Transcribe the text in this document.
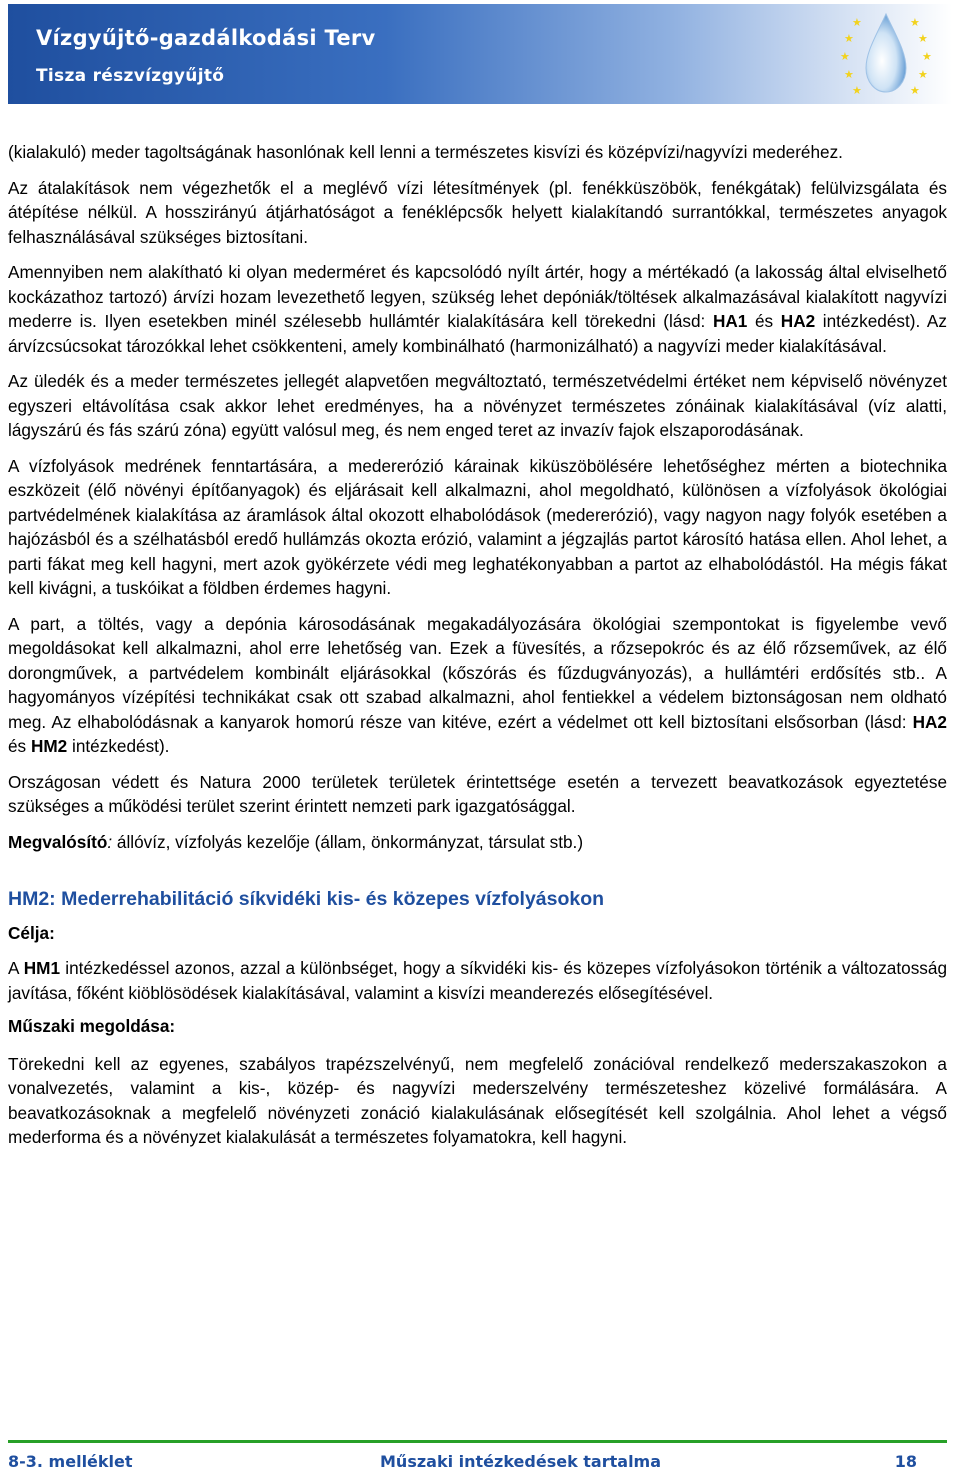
Vízgyűjtő-gazdálkodási Terv
Tisza részvízgyűjtő
★
★
★
★
★
★
★
★
★
★

(kialakuló) meder tagoltságának hasonlónak kell lenni a természetes kisvízi és középvízi/nagyvízi mederéhez.

Az átalakítások nem végezhetők el a meglévő vízi létesítmények (pl. fenékküszöbök, fenékgátak) felülvizsgálata és átépítése nélkül. A hosszirányú átjárhatóságot a fenéklépcsők helyett kialakítandó surrantókkal, természetes anyagok felhasználásával szükséges biztosítani.

Amennyiben nem alakítható ki olyan mederméret és kapcsolódó nyílt ártér, hogy a mértékadó (a lakosság által elviselhető kockázathoz tartozó) árvízi hozam levezethető legyen, szükség lehet depóniák/töltések alkalmazásával kialakított nagyvízi mederre is. Ilyen esetekben minél szélesebb hullámtér kialakítására kell törekedni (lásd: HA1 és HA2 intézkedést). Az árvízcsúcsokat tározókkal lehet csökkenteni, amely kombinálható (harmonizálható) a nagyvízi meder kialakításával.

Az üledék és a meder természetes jellegét alapvetően megváltoztató, természetvédelmi értéket nem képviselő növényzet egyszeri eltávolítása csak akkor lehet eredményes, ha a növényzet természetes zónáinak kialakításával (víz alatti, lágyszárú és fás szárú zóna) együtt valósul meg, és nem enged teret az invazív fajok elszaporodásának.

A vízfolyások medrének fenntartására, a medererózió kárainak kiküszöbölésére lehetőséghez mérten a biotechnika eszközeit (élő növényi építőanyagok) és eljárásait kell alkalmazni, ahol megoldható, különösen a vízfolyások ökológiai partvédelmének kialakítása az áramlások által okozott elhabolódások (medererózió), vagy nagyon nagy folyók esetében a hajózásból és a szélhatásból eredő hullámzás okozta erózió, valamint a jégzajlás partot károsító hatása ellen. Ahol lehet, a parti fákat meg kell hagyni, mert azok gyökérzete védi meg leghatékonyabban a partot az elhabolódástól. Ha mégis fákat kell kivágni, a tuskóikat a földben érdemes hagyni.

A part, a töltés, vagy a depónia károsodásának megakadályozására ökológiai szempontokat is figyelembe vevő megoldásokat kell alkalmazni, ahol erre lehetőség van. Ezek a füvesítés, a rőzsepokróc és az élő rőzseművek, az élő dorongművek, a partvédelem kombinált eljárásokkal (kőszórás és fűzdugványozás), a hullámtéri erdősítés stb.. A hagyományos vízépítési technikákat csak ott szabad alkalmazni, ahol fentiekkel a védelem biztonságosan nem oldható meg. Az elhabolódásnak a kanyarok homorú része van kitéve, ezért a védelmet ott kell biztosítani elsősorban (lásd: HA2 és HM2 intézkedést).

Országosan védett és Natura 2000 területek területek érintettsége esetén a tervezett beavatkozások egyeztetése szükséges a működési terület szerint érintett nemzeti park igazgatósággal.

Megvalósító: állóvíz, vízfolyás kezelője (állam, önkormányzat, társulat stb.)

HM2: Mederrehabilitáció síkvidéki kis- és közepes vízfolyásokon

Célja:

A HM1 intézkedéssel azonos, azzal a különbséget, hogy a síkvidéki kis- és közepes vízfolyásokon történik a változatosság javítása, főként kiöblösödések kialakításával, valamint a kisvízi meanderezés elősegítésével.

Műszaki megoldása:

Törekedni kell az egyenes, szabályos trapézszelvényű, nem megfelelő zonációval rendelkező mederszakaszokon a vonalvezetés, valamint a kis-, közép- és nagyvízi mederszelvény természeteshez közelivé formálására. A beavatkozásoknak a megfelelő növényzeti zonáció kialakulásának elősegítését kell szolgálnia. Ahol lehet a végső mederforma és a növényzet kialakulását a természetes folyamatokra, kell hagyni.

8-3. melléklet	Műszaki intézkedések tartalma	18
